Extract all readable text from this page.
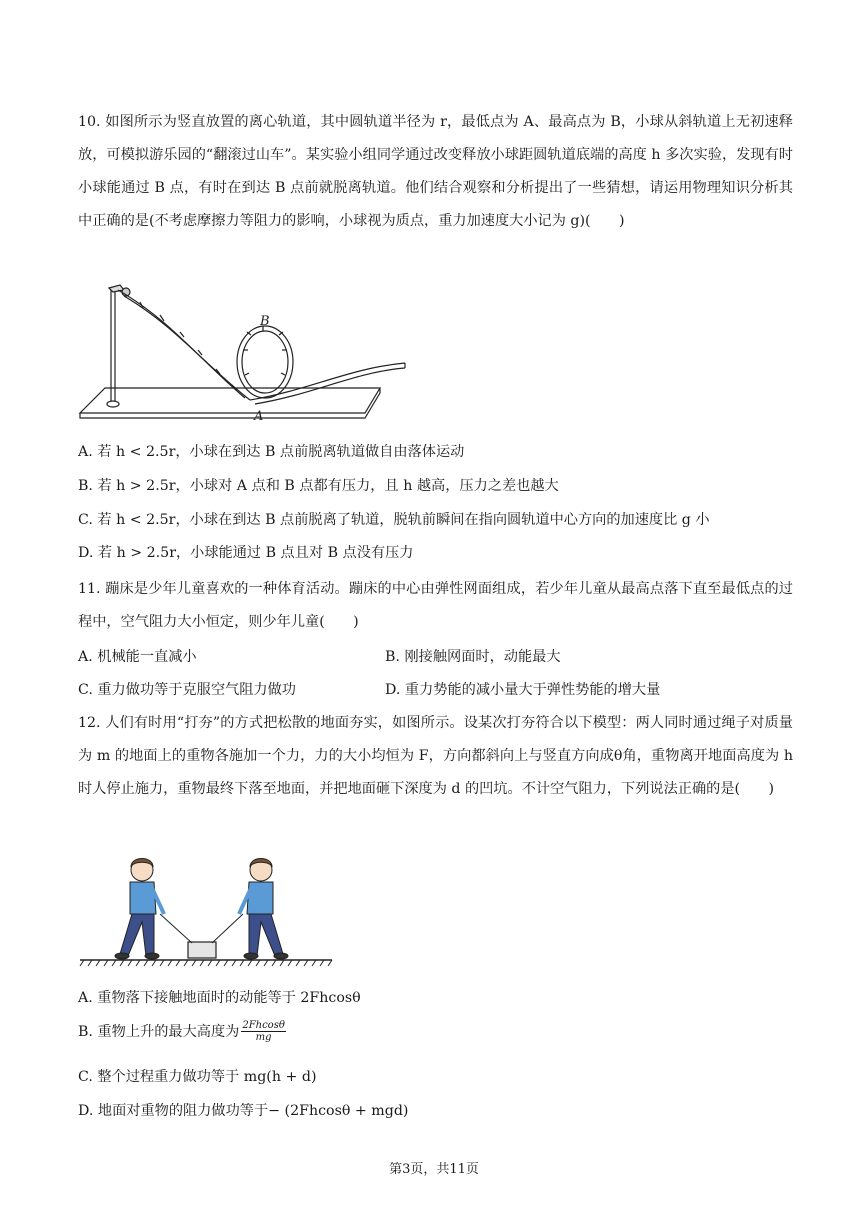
10. 如图所示为竖直放置的离心轨道，其中圆轨道半径为 r，最低点为 A、最高点为 B，小球从斜轨道上无初速释放，可模拟游乐园的“翻滚过山车”。某实验小组同学通过改变释放小球距圆轨道底端的高度 h 多次实验，发现有时小球能通过 B 点，有时在到达 B 点前就脱离轨道。他们结合观察和分析提出了一些猜想，请运用物理知识分析其中正确的是(不考虑摩擦力等阻力的影响，小球视为质点，重力加速度大小记为 g)(　　)

B
A
A. 若 h < 2.5r，小球在到达 B 点前脱离轨道做自由落体运动
B. 若 h > 2.5r，小球对 A 点和 B 点都有压力，且 h 越高，压力之差也越大
C. 若 h < 2.5r，小球在到达 B 点前脱离了轨道，脱轨前瞬间在指向圆轨道中心方向的加速度比 g 小
D. 若 h > 2.5r，小球能通过 B 点且对 B 点没有压力

11. 蹦床是少年儿童喜欢的一种体育活动。蹦床的中心由弹性网面组成，若少年儿童从最高点落下直至最低点的过程中，空气阻力大小恒定，则少年儿童(　　)

A. 机械能一直减小	B. 刚接触网面时，动能最大
C. 重力做功等于克服空气阻力做功	D. 重力势能的减小量大于弹性势能的增大量

12. 人们有时用“打夯”的方式把松散的地面夯实，如图所示。设某次打夯符合以下模型：两人同时通过绳子对质量为 m 的地面上的重物各施加一个力，力的大小均恒为 F，方向都斜向上与竖直方向成θ角，重物离开地面高度为 h 时人停止施力，重物最终下落至地面，并把地面砸下深度为 d 的凹坑。不计空气阻力，下列说法正确的是(　　)

A. 重物落下接触地面时的动能等于 2Fhcosθ
B. 重物上升的最大高度为 $\frac{2Fhcos\theta}{mg}$
C. 整个过程重力做功等于 mg(h + d)
D. 地面对重物的阻力做功等于− (2Fhcosθ + mgd)
第3页，共11页
